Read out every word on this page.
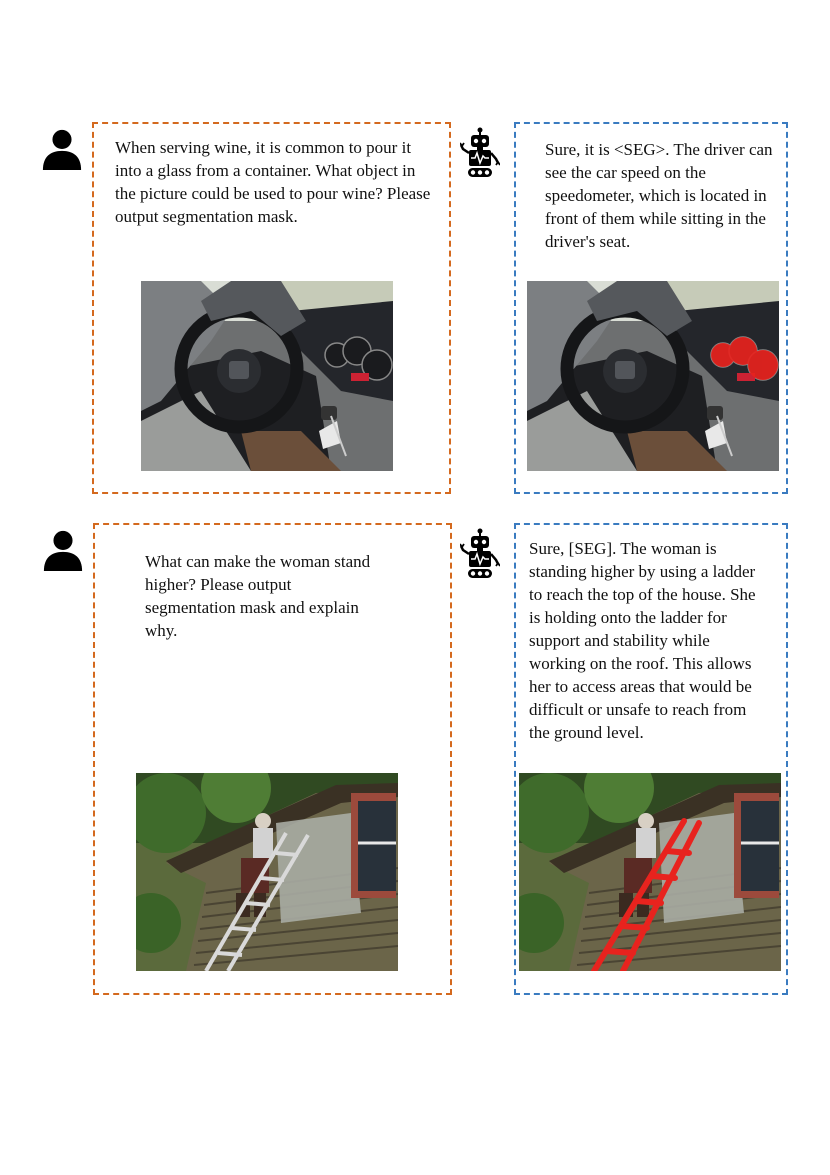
When serving wine, it is common to pour it into a glass from a container. What object in the picture could be used to pour wine? Please output segmentation mask.
Sure, it is <SEG>. The driver can see the car speed on the speedometer, which is located in front of them while sitting in the driver's seat.
What can make the woman stand higher? Please output segmentation mask and explain why.
Sure, [SEG]. The woman is standing higher by using a ladder to reach the top of the house. She is holding onto the ladder for support and stability while working on the roof. This allows her to access areas that would be difficult or unsafe to reach from the ground level.
